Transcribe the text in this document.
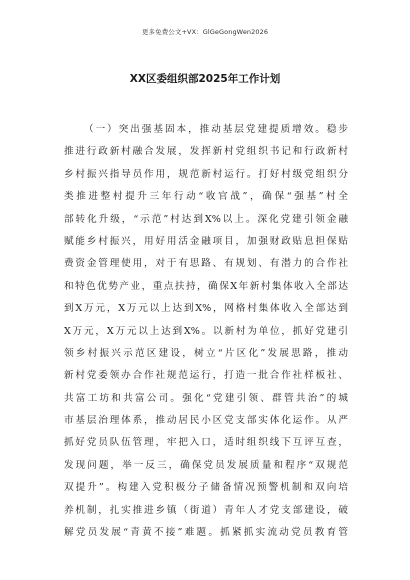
更多免费公文+VX：GlGeGongWen2026
XX区委组织部2025年工作计划
（一）突出强基固本，推动基层党建提质增效。稳步
推进行政新村融合发展，发挥新村党组织书记和行政新村
乡村振兴指导员作用，规范新村运行。打好村级党组织分
类推进整村提升三年行动“收官战”，确保“强基”村全
部转化升级，“示范”村达到X%以上。深化党建引领金融
赋能乡村振兴，用好用活金融项目，加强财政贴息担保贴
费资金管理使用，对于有思路、有规划、有潜力的合作社
和特色优势产业，重点扶持，确保X年新村集体收入全部达
到X万元，X万元以上达到X%，网格村集体收入全部达到
X万元，X万元以上达到X%。以新村为单位，抓好党建引
领乡村振兴示范区建设，树立“片区化”发展思路，推动
新村党委领办合作社规范运行，打造一批合作社样板社、
共富工坊和共富公司。强化“党建引领、群管共治”的城
市基层治理体系，推动居民小区党支部实体化运作。从严
抓好党员队伍管理，牢把入口，适时组织线下互评互查，
发现问题，举一反三，确保党员发展质量和程序“双规范
双提升”。构建入党积极分子储备情况预警机制和双向培
养机制，扎实推进乡镇（街道）青年人才党支部建设，破
解党员发展“青黄不接”难题。抓紧抓实流动党员教育管
